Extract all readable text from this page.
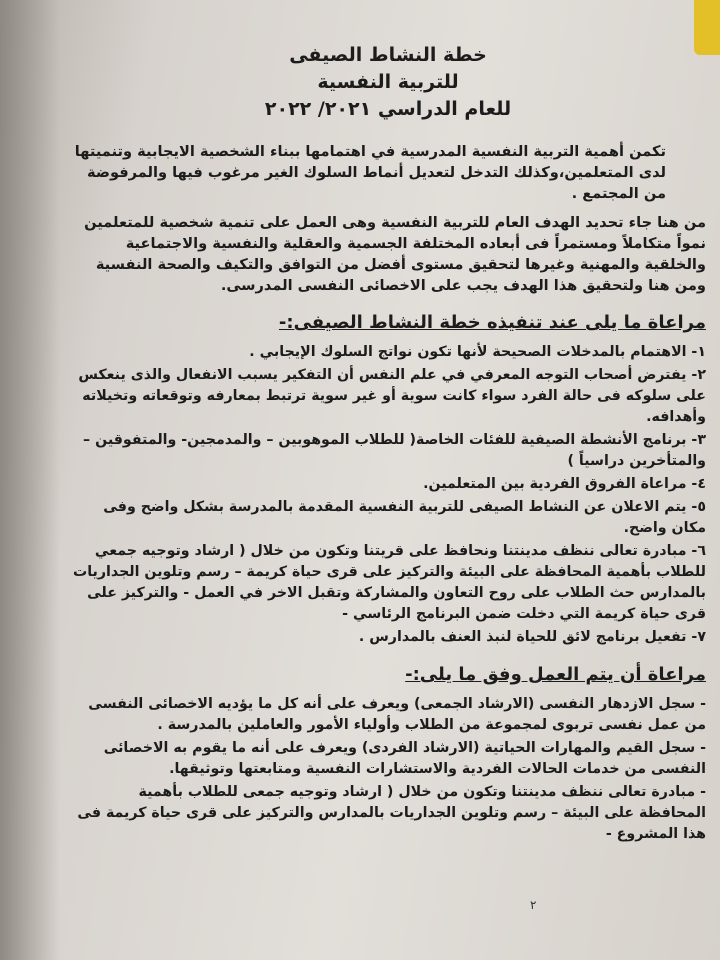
خطة النشاط الصيفى
للتربية النفسية
للعام الدراسي ٢٠٢١/ ٢٠٢٢

تكمن أهمية التربية النفسية المدرسية في اهتمامها ببناء الشخصية الايجابية وتنميتها لدى المتعلمين،وكذلك التدخل لتعديل أنماط السلوك الغير مرغوب فيها والمرفوضة من المجتمع .

من هنا جاء تحديد الهدف العام للتربية النفسية وهى العمل على تنمية شخصية للمتعلمين نمواً متكاملاً ومستمراً فى أبعاده المختلفة الجسمية والعقلية والنفسية والاجتماعية والخلقية والمهنية وغيرها لتحقيق مستوى أفضل من التوافق والتكيف والصحة النفسية ومن هنا ولتحقيق هذا الهدف يجب على الاخصائى النفسى المدرسى.

مراعاة ما يلى عند تنفيذه خطة النشاط الصيفى:-
١- الاهتمام بالمدخلات الصحيحة لأنها تكون نواتج السلوك الإيجابي .
٢- يفترض أصحاب التوجه المعرفي في علم النفس أن التفكير يسبب الانفعال والذى ينعكس على سلوكه فى حالة الفرد سواء كانت سوية أو غير سوية ترتبط بمعارفه وتوقعاته وتخيلاته وأهدافه.
٣- برنامج الأنشطة الصيفية للفئات الخاصة( للطلاب الموهوبين – والمدمجين- والمتفوقين – والمتأخرين دراسياً )
٤- مراعاة الفروق الفردية بين المتعلمين.
٥- يتم الاعلان عن النشاط الصيفى للتربية النفسية المقدمة بالمدرسة بشكل واضح وفى مكان واضح.
٦- مبادرة تعالى ننظف مدينتنا ونحافظ على قريتنا وتكون من خلال ( ارشاد وتوجيه جمعي للطلاب بأهمية المحافظة على البيئة والتركيز على قرى حياة كريمة – رسم وتلوين الجداريات بالمدارس حث الطلاب على روح التعاون والمشاركة وتقبل الاخر في العمل - والتركيز على قرى حياة كريمة التي دخلت ضمن البرنامج الرئاسي -
٧- تفعيل برنامج لائق للحياة لنبذ العنف بالمدارس .
مراعاة أن يتم العمل وفق ما يلى:-
- سجل الازدهار النفسى (الارشاد الجمعى) ويعرف على أنه كل ما يؤديه الاخصائى النفسى من عمل نفسى تربوى لمجموعة من الطلاب وأولياء الأمور والعاملين بالمدرسة .
- سجل القيم والمهارات الحياتية (الارشاد الفردى) ويعرف على أنه ما يقوم به الاخصائى النفسى من خدمات الحالات الفردية والاستشارات النفسية ومتابعتها وتوثيقها.
- مبادرة تعالى ننظف مدينتنا وتكون من خلال ( ارشاد وتوجيه جمعى للطلاب بأهمية المحافظة على البيئة – رسم وتلوين الجداريات بالمدارس والتركيز على قرى حياة كريمة فى هذا المشروع -
٢
